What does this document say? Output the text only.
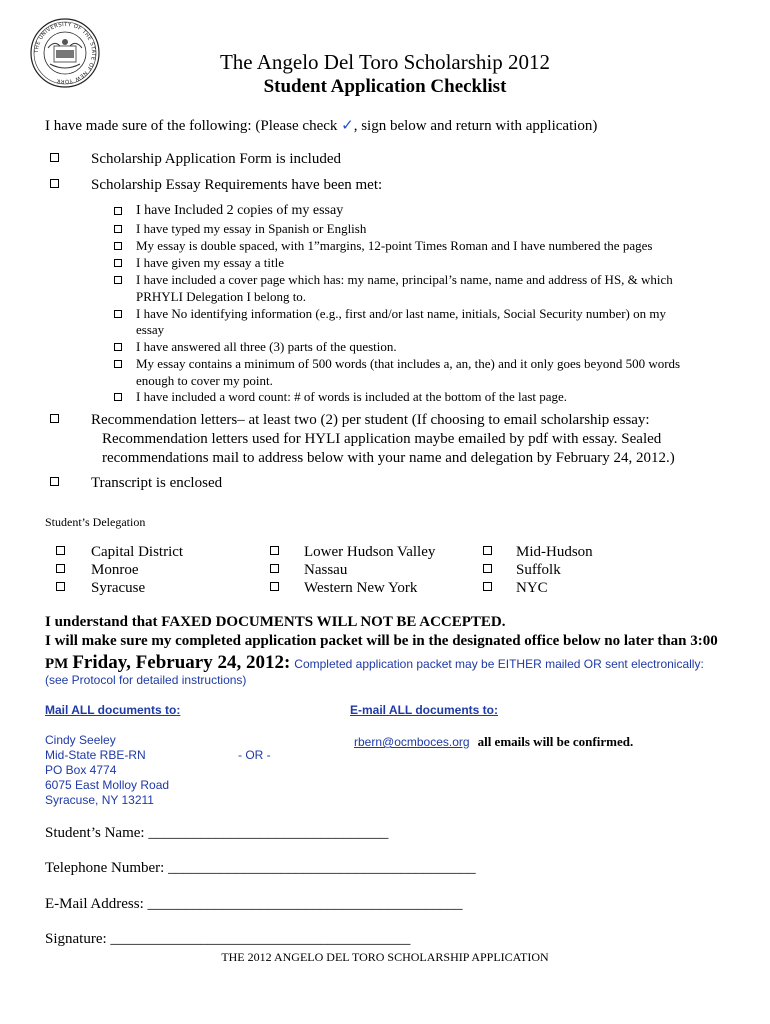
THE UNIVERSITY OF THE STATE OF NEW YORK
The Angelo Del Toro Scholarship 2012
Student Application Checklist
I have made sure of the following: (Please check ✓, sign below and return with application)
Scholarship Application Form is included
Scholarship Essay Requirements have been met:
I have Included 2 copies of my essay
I have typed my essay in Spanish or English
My essay is double spaced, with 1”margins, 12-point Times Roman and I have numbered the pages
I have given my essay a title
I have included a cover page which has: my name, principal’s name, name and address of HS, & which
PRHYLI Delegation I belong to.
I have No identifying information (e.g., first and/or last name, initials, Social Security number) on my
essay
I have answered all three (3) parts of the question.
My essay contains a minimum of 500 words (that includes a, an, the) and it only goes beyond 500 words
enough to cover my point.
I have included a word count: # of words is included at the bottom of the last page.
Recommendation letters– at least two (2) per student (If choosing to email scholarship essay:
Recommendation letters used for HYLI application maybe emailed by pdf with essay. Sealed
recommendations mail to address below with your name and delegation by February 24, 2012.)
Transcript is enclosed
Student’s Delegation
Capital District
Monroe
Syracuse
Lower Hudson Valley
Nassau
Western New York
Mid-Hudson
Suffolk
NYC
I understand that FAXED DOCUMENTS WILL NOT BE ACCEPTED.
I will make sure my completed application packet will be in the designated office below no later than 3:00
PM Friday, February 24, 2012: Completed application packet may be EITHER mailed OR sent electronically:
(see Protocol for detailed instructions)
Mail ALL documents to:
Cindy Seeley
Mid-State RBE-RN
PO Box 4774
6075 East Molloy Road
Syracuse, NY 13211
- OR -
E-mail ALL documents to:
rbern@ocmboces.org all emails will be confirmed.
Student’s Name: ________________________________
Telephone Number: _________________________________________
E-Mail Address: __________________________________________
Signature: ________________________________________
THE 2012 ANGELO DEL TORO SCHOLARSHIP APPLICATION
